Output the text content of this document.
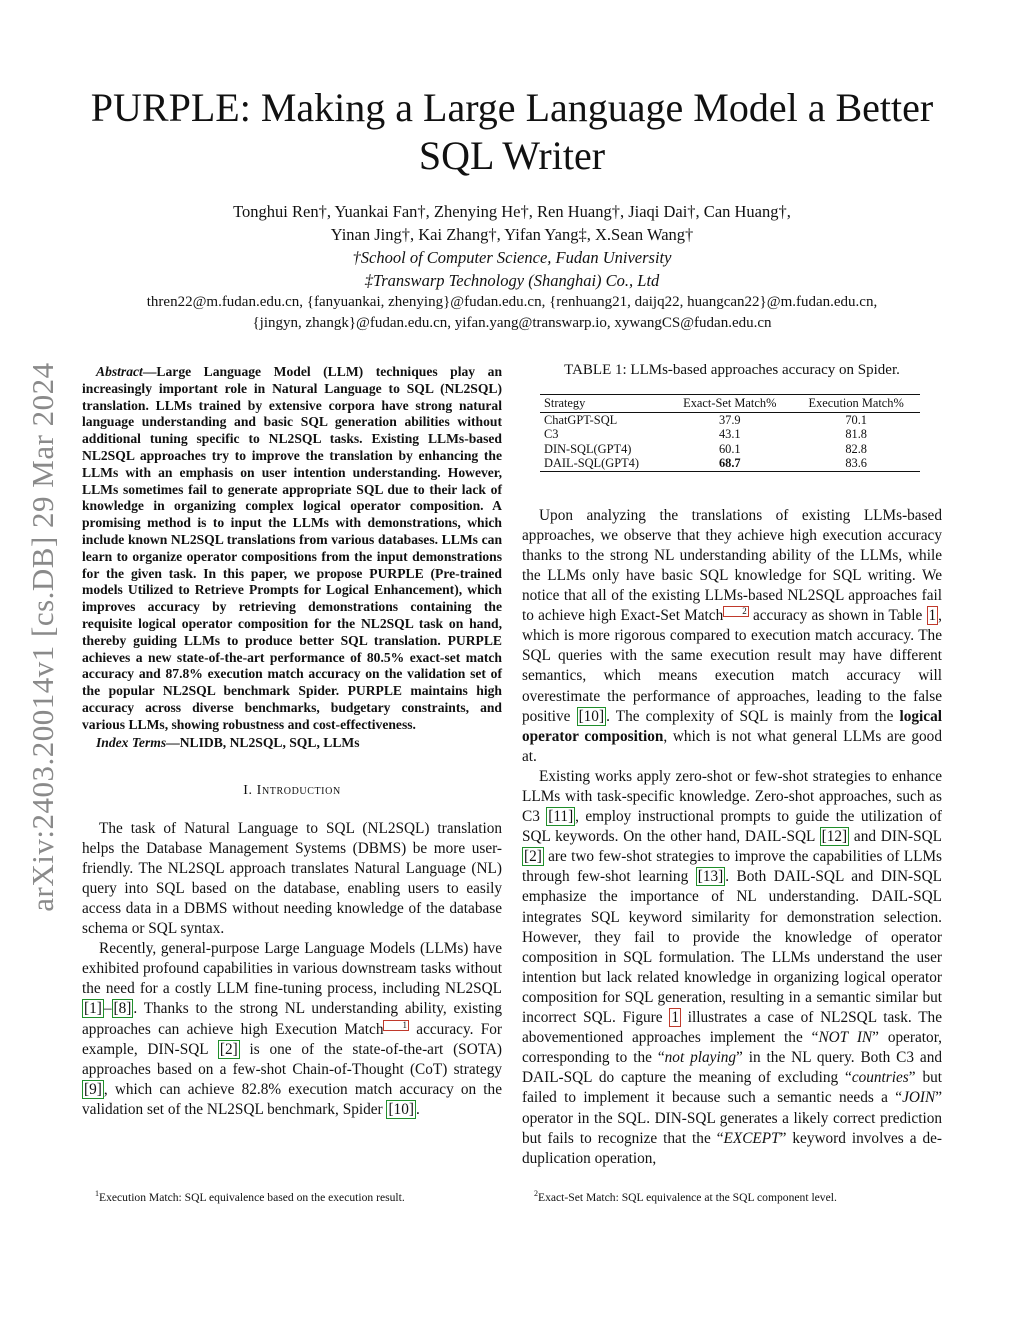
arXiv:2403.20014v1 [cs.DB] 29 Mar 2024
PURPLE: Making a Large Language Model a Better SQL Writer

Tonghui Ren†, Yuankai Fan†, Zhenying He†, Ren Huang†, Jiaqi Dai†, Can Huang†,

Yinan Jing†, Kai Zhang†, Yifan Yang‡, X.Sean Wang†

†School of Computer Science, Fudan University

‡Transwarp Technology (Shanghai) Co., Ltd

thren22@m.fudan.edu.cn, {fanyuankai, zhenying}@fudan.edu.cn, {renhuang21, daijq22, huangcan22}@m.fudan.edu.cn,

{jingyn, zhangk}@fudan.edu.cn, yifan.yang@transwarp.io, xywangCS@fudan.edu.cn

Abstract—Large Language Model (LLM) techniques play an increasingly important role in Natural Language to SQL (NL2SQL) translation. LLMs trained by extensive corpora have strong natural language understanding and basic SQL generation abilities without additional tuning specific to NL2SQL tasks. Existing LLMs-based NL2SQL approaches try to improve the translation by enhancing the LLMs with an emphasis on user intention understanding. However, LLMs sometimes fail to generate appropriate SQL due to their lack of knowledge in organizing complex logical operator composition. A promising method is to input the LLMs with demonstrations, which include known NL2SQL translations from various databases. LLMs can learn to organize operator compositions from the input demonstrations for the given task. In this paper, we propose PURPLE (Pre-trained models Utilized to Retrieve Prompts for Logical Enhancement), which improves accuracy by retrieving demonstrations containing the requisite logical operator composition for the NL2SQL task on hand, thereby guiding LLMs to produce better SQL translation. PURPLE achieves a new state-of-the-art performance of 80.5% exact-set match accuracy and 87.8% execution match accuracy on the validation set of the popular NL2SQL benchmark Spider. PURPLE maintains high accuracy across diverse benchmarks, budgetary constraints, and various LLMs, showing robustness and cost-effectiveness.

Index Terms—NLIDB, NL2SQL, SQL, LLMs

I. Introduction

The task of Natural Language to SQL (NL2SQL) translation helps the Database Management Systems (DBMS) be more user-friendly. The NL2SQL approach translates Natural Language (NL) query into SQL based on the database, enabling users to easily access data in a DBMS without needing knowledge of the database schema or SQL syntax.

Recently, general-purpose Large Language Models (LLMs) have exhibited profound capabilities in various downstream tasks without the need for a costly LLM fine-tuning process, including NL2SQL [1] – [8] . Thanks to the strong NL understanding ability, existing approaches can achieve high Execution Match 1 accuracy. For example, DIN-SQL [2] is one of the state-of-the-art (SOTA) approaches based on a few-shot Chain-of-Thought (CoT) strategy [9] , which can achieve 82.8% execution match accuracy on the validation set of the NL2SQL benchmark, Spider [10] .

TABLE 1: LLMs-based approaches accuracy on Spider.

Strategy	Exact-Set Match%	Execution Match%
ChatGPT-SQL	37.9	70.1
C3	43.1	81.8
DIN-SQL(GPT4)	60.1	82.8
DAIL-SQL(GPT4)	68.7	83.6

Upon analyzing the translations of existing LLMs-based approaches, we observe that they achieve high execution accuracy thanks to the strong NL understanding ability of the LLMs, while the LLMs only have basic SQL knowledge for SQL writing. We notice that all of the existing LLMs-based NL2SQL approaches fail to achieve high Exact-Set Match 2 accuracy as shown in Table 1 , which is more rigorous compared to execution match accuracy. The SQL queries with the same execution result may have different semantics, which means execution match accuracy will overestimate the performance of approaches, leading to the false positive [10] . The complexity of SQL is mainly from the logical operator composition, which is not what general LLMs are good at.

Existing works apply zero-shot or few-shot strategies to enhance LLMs with task-specific knowledge. Zero-shot approaches, such as C3 [11] , employ instructional prompts to guide the utilization of SQL keywords. On the other hand, DAIL-SQL [12] and DIN-SQL [2] are two few-shot strategies to improve the capabilities of LLMs through few-shot learning [13] . Both DAIL-SQL and DIN-SQL emphasize the importance of NL understanding. DAIL-SQL integrates SQL keyword similarity for demonstration selection. However, they fail to provide the knowledge of operator composition in SQL formulation. The LLMs understand the user intention but lack related knowledge in organizing logical operator composition for SQL generation, resulting in a semantic similar but incorrect SQL. Figure 1 illustrates a case of NL2SQL task. The abovementioned approaches implement the “NOT IN” operator, corresponding to the “not playing” in the NL query. Both C3 and DAIL-SQL do capture the meaning of excluding “countries” but failed to implement it because such a semantic needs a “JOIN” operator in the SQL. DIN-SQL generates a likely correct prediction but fails to recognize that the “EXCEPT” keyword involves a de-duplication operation,

$^1$Execution Match: SQL equivalence based on the execution result.	$^2$Exact-Set Match: SQL equivalence at the SQL component level.
